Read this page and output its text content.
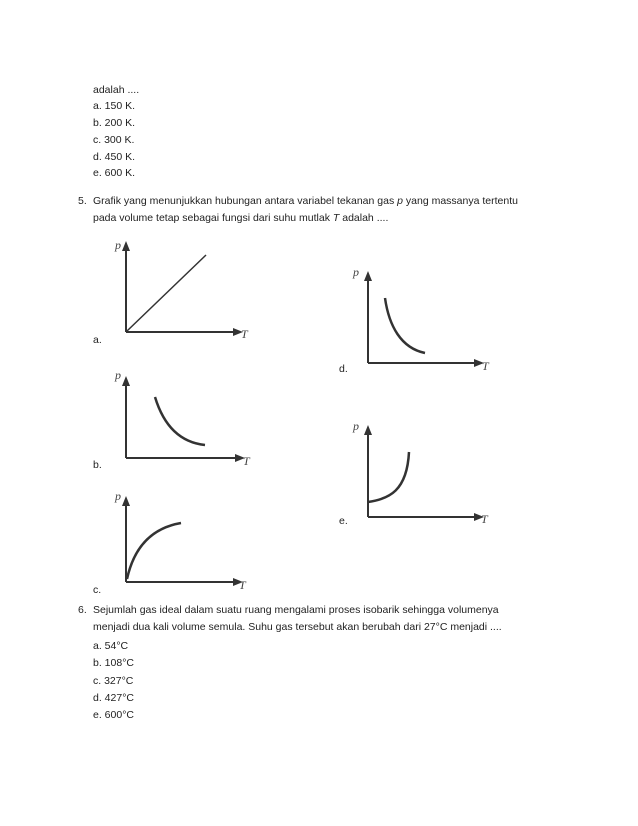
adalah ....
a. 150 K.
b. 200 K.
c. 300 K.
d. 450 K.
e. 600 K.
5. Grafik yang menunjukkan hubungan antara variabel tekanan gas p yang massanya tertentu
pada volume tetap sebagai fungsi dari suhu mutlak T adalah ....
p
T
a.
p
T
b.
p
T
c.
p
T
d.
p
T
e.
6. Sejumlah gas ideal dalam suatu ruang mengalami proses isobarik sehingga volumenya
menjadi dua kali volume semula. Suhu gas tersebut akan berubah dari 27°C menjadi ....
a. 54°C
b. 108°C
c. 327°C
d. 427°C
e. 600°C
